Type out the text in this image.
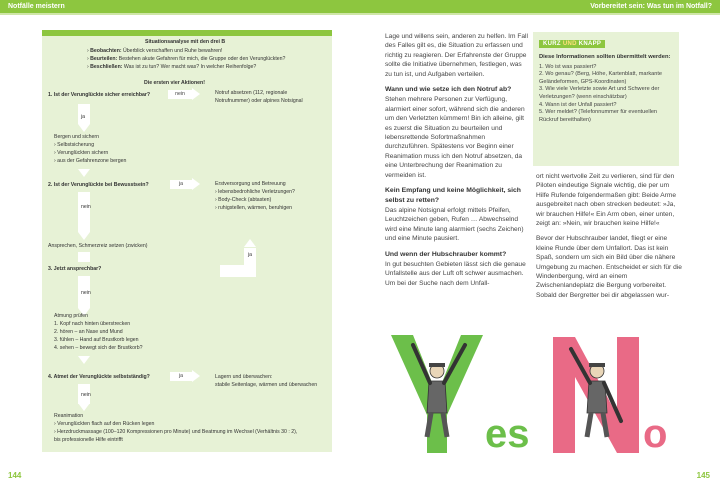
Notfälle meistern	Vorbereitet sein: Was tun im Notfall?
Situationsanalyse mit den drei B
› Beobachten: Überblick verschaffen und Ruhe bewahren!
› Beurteilen: Bestehen akute Gefahren für mich, die Gruppe oder den Verunglückten?
› Beschließen: Was ist zu tun? Wer macht was? In welcher Reihenfolge?
Die ersten vier Aktionen!
1. Ist der Verunglückte sicher erreichbar?	nein	Notruf absetzen (112, regionale
Notrufnummer) oder alpines Notsignal
ja
Bergen und sichern
› Selbstsicherung
› Verunglückten sichern
› aus der Gefahrenzone bergen
2. Ist der Verunglückte bei Bewusstsein?	ja	Erstversorgung und Betreuung
› lebensbedrohliche Verletzungen?
› Body-Check (abtasten)
› ruhigstellen, wärmen, beruhigen
nein
Ansprechen, Schmerzreiz setzen (zwicken)
3. Jetzt ansprechbar?
ja
nein
Atmung prüfen
1. Kopf nach hinten überstrecken
2. hören – an Nase und Mund
3. fühlen – Hand auf Brustkorb legen
4. sehen – bewegt sich der Brustkorb?
4. Atmet der Verunglückte selbstständig?	ja	Lagern und überwachen:
stabile Seitenlage, wärmen und überwachen
nein
Reanimation
› Verunglückten flach auf den Rücken legen
› Herzdruckmassage (100–120 Kompressionen pro Minute) und Beatmung im Wechsel (Verhältnis 30 : 2),
bis professionelle Hilfe eintrifft

Lage und willens sein, anderen zu helfen. Im Fall des Falles gilt es, die Situation zu erfassen und richtig zu reagieren. Der Erfahrenste der Gruppe sollte die Initiative übernehmen, festlegen, was zu tun ist, und Aufgaben verteilen.

Wann und wie setze ich den Notruf ab?

Stehen mehrere Personen zur Verfügung, alarmiert einer sofort, während sich die anderen um den Verletzten kümmern! Bin ich alleine, gilt es zuerst die Situation zu beurteilen und lebensrettende Sofortmaßnahmen durchzuführen. Spätestens vor Beginn einer Reanimation muss ich den Notruf absetzen, da eine Unterbrechung der Reanimation zu vermeiden ist.

Kein Empfang und keine Möglichkeit, sich selbst zu retten?

Das alpine Notsignal erfolgt mittels Pfeifen, Leuchtzeichen geben, Rufen … Abwechselnd wird eine Minute lang alarmiert (sechs Zeichen) und eine Minute pausiert.

Und wenn der Hubschrauber kommt?

In gut besuchten Gebieten lässt sich die genaue Unfallstelle aus der Luft oft schwer ausmachen. Um bei der Suche nach dem Unfall-

KURZ UND KNAPP
Diese Informationen sollten übermittelt werden:
1. Wo ist was passiert?
2. Wo genau? (Berg, Höhe, Kartenblatt, markante Geländeformen, GPS-Koordinaten)
3. Wie viele Verletzte sowie Art und Schwere der Verletzungen? (wenn einschätzbar)
4. Wann ist der Unfall passiert?
5. Wer meldet? (Telefonnummer für eventuellen Rückruf bereithalten)

ort nicht wertvolle Zeit zu verlieren, sind für den Piloten eindeutige Signale wichtig, die per um Hilfe Rufende folgendermaßen gibt: Beide Arme ausgebreitet nach oben strecken bedeutet: »Ja, wir brauchen Hilfe!« Ein Arm oben, einer unten, zeigt an: »Nein, wir brauchen keine Hilfe!«

Bevor der Hubschrauber landet, fliegt er eine kleine Runde über dem Unfallort. Das ist kein Spaß, sondern um sich ein Bild über die nähere Umgebung zu machen. Entscheidet er sich für die Windenbergung, wird an einem Zwischenlandeplatz die Bergung vorbereitet. Sobald der Bergretter bei dir abgelassen wur-

es	o
144	145
